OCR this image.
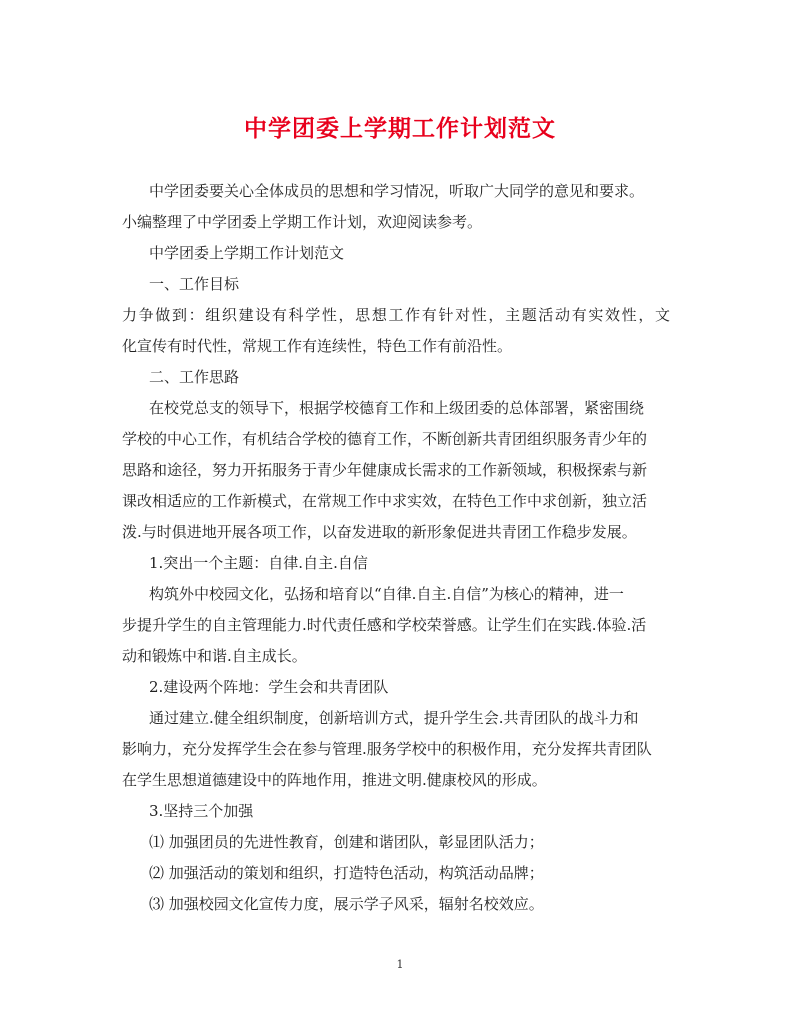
中学团委上学期工作计划范文
中学团委要关心全体成员的思想和学习情况，听取广大同学的意见和要求。
小编整理了中学团委上学期工作计划，欢迎阅读参考。
中学团委上学期工作计划范文
一、工作目标
力争做到：组织建设有科学性，思想工作有针对性，主题活动有实效性，文
化宣传有时代性，常规工作有连续性，特色工作有前沿性。
二、工作思路
在校党总支的领导下，根据学校德育工作和上级团委的总体部署，紧密围绕
学校的中心工作，有机结合学校的德育工作，不断创新共青团组织服务青少年的
思路和途径，努力开拓服务于青少年健康成长需求的工作新领域，积极探索与新
课改相适应的工作新模式，在常规工作中求实效，在特色工作中求创新，独立活
泼.与时俱进地开展各项工作，以奋发进取的新形象促进共青团工作稳步发展。
1.突出一个主题：自律.自主.自信
构筑外中校园文化，弘扬和培育以“自律.自主.自信”为核心的精神，进一
步提升学生的自主管理能力.时代责任感和学校荣誉感。让学生们在实践.体验.活
动和锻炼中和谐.自主成长。
2.建设两个阵地：学生会和共青团队
通过建立.健全组织制度，创新培训方式，提升学生会.共青团队的战斗力和
影响力，充分发挥学生会在参与管理.服务学校中的积极作用，充分发挥共青团队
在学生思想道德建设中的阵地作用，推进文明.健康校风的形成。
3.坚持三个加强
⑴ 加强团员的先进性教育，创建和谐团队，彰显团队活力；
⑵ 加强活动的策划和组织，打造特色活动，构筑活动品牌；
⑶ 加强校园文化宣传力度，展示学子风采，辐射名校效应。
1
